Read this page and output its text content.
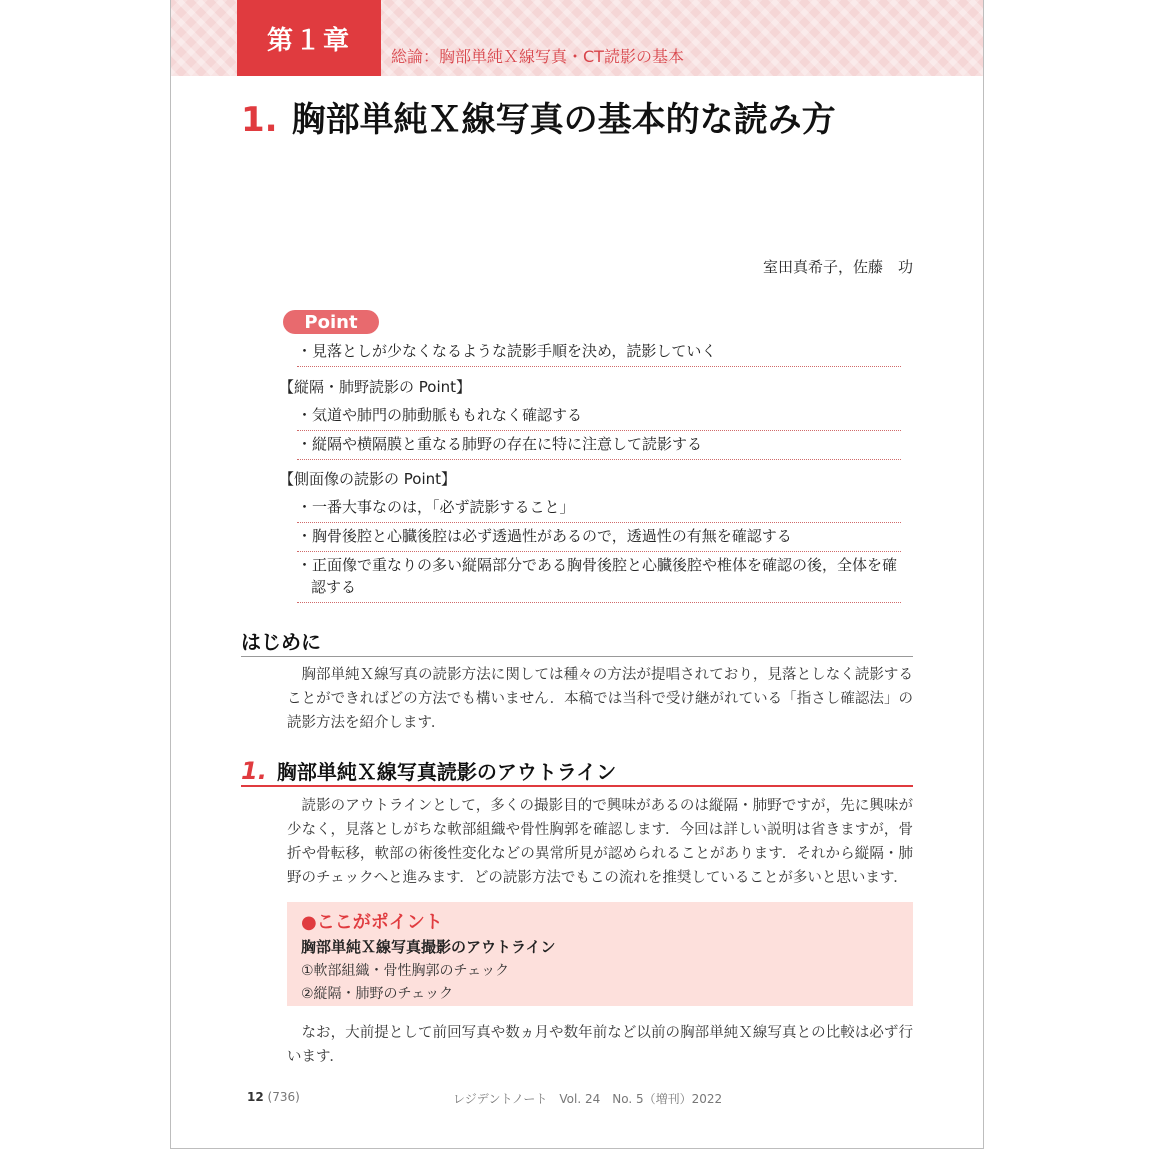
第１章
総論：胸部単純Ｘ線写真・CT読影の基本
1. 胸部単純Ｘ線写真の基本的な読み方
室田真希子，佐藤　功
Point
・見落としが少なくなるような読影手順を決め，読影していく
【縦隔・肺野読影の Point】
・気道や肺門の肺動脈ももれなく確認する
・縦隔や横隔膜と重なる肺野の存在に特に注意して読影する
【側面像の読影の Point】
・一番大事なのは，「必ず読影すること」
・胸骨後腔と心臓後腔は必ず透過性があるので，透過性の有無を確認する
・正面像で重なりの多い縦隔部分である胸骨後腔と心臓後腔や椎体を確認の後，全体を確認する
はじめに
胸部単純Ｘ線写真の読影方法に関しては種々の方法が提唱されており，見落としなく読影することができればどの方法でも構いません．本稿では当科で受け継がれている「指さし確認法」の読影方法を紹介します．
1. 胸部単純Ｘ線写真読影のアウトライン
読影のアウトラインとして，多くの撮影目的で興味があるのは縦隔・肺野ですが，先に興味が少なく，見落としがちな軟部組織や骨性胸郭を確認します．今回は詳しい説明は省きますが，骨折や骨転移，軟部の術後性変化などの異常所見が認められることがあります．それから縦隔・肺野のチェックへと進みます．どの読影方法でもこの流れを推奨していることが多いと思います．
●ここがポイント
胸部単純Ｘ線写真撮影のアウトライン
①軟部組織・骨性胸郭のチェック
②縦隔・肺野のチェック
なお，大前提として前回写真や数ヵ月や数年前など以前の胸部単純Ｘ線写真との比較は必ず行います．
12 (736)	レジデントノート　Vol. 24　No. 5（増刊）2022
